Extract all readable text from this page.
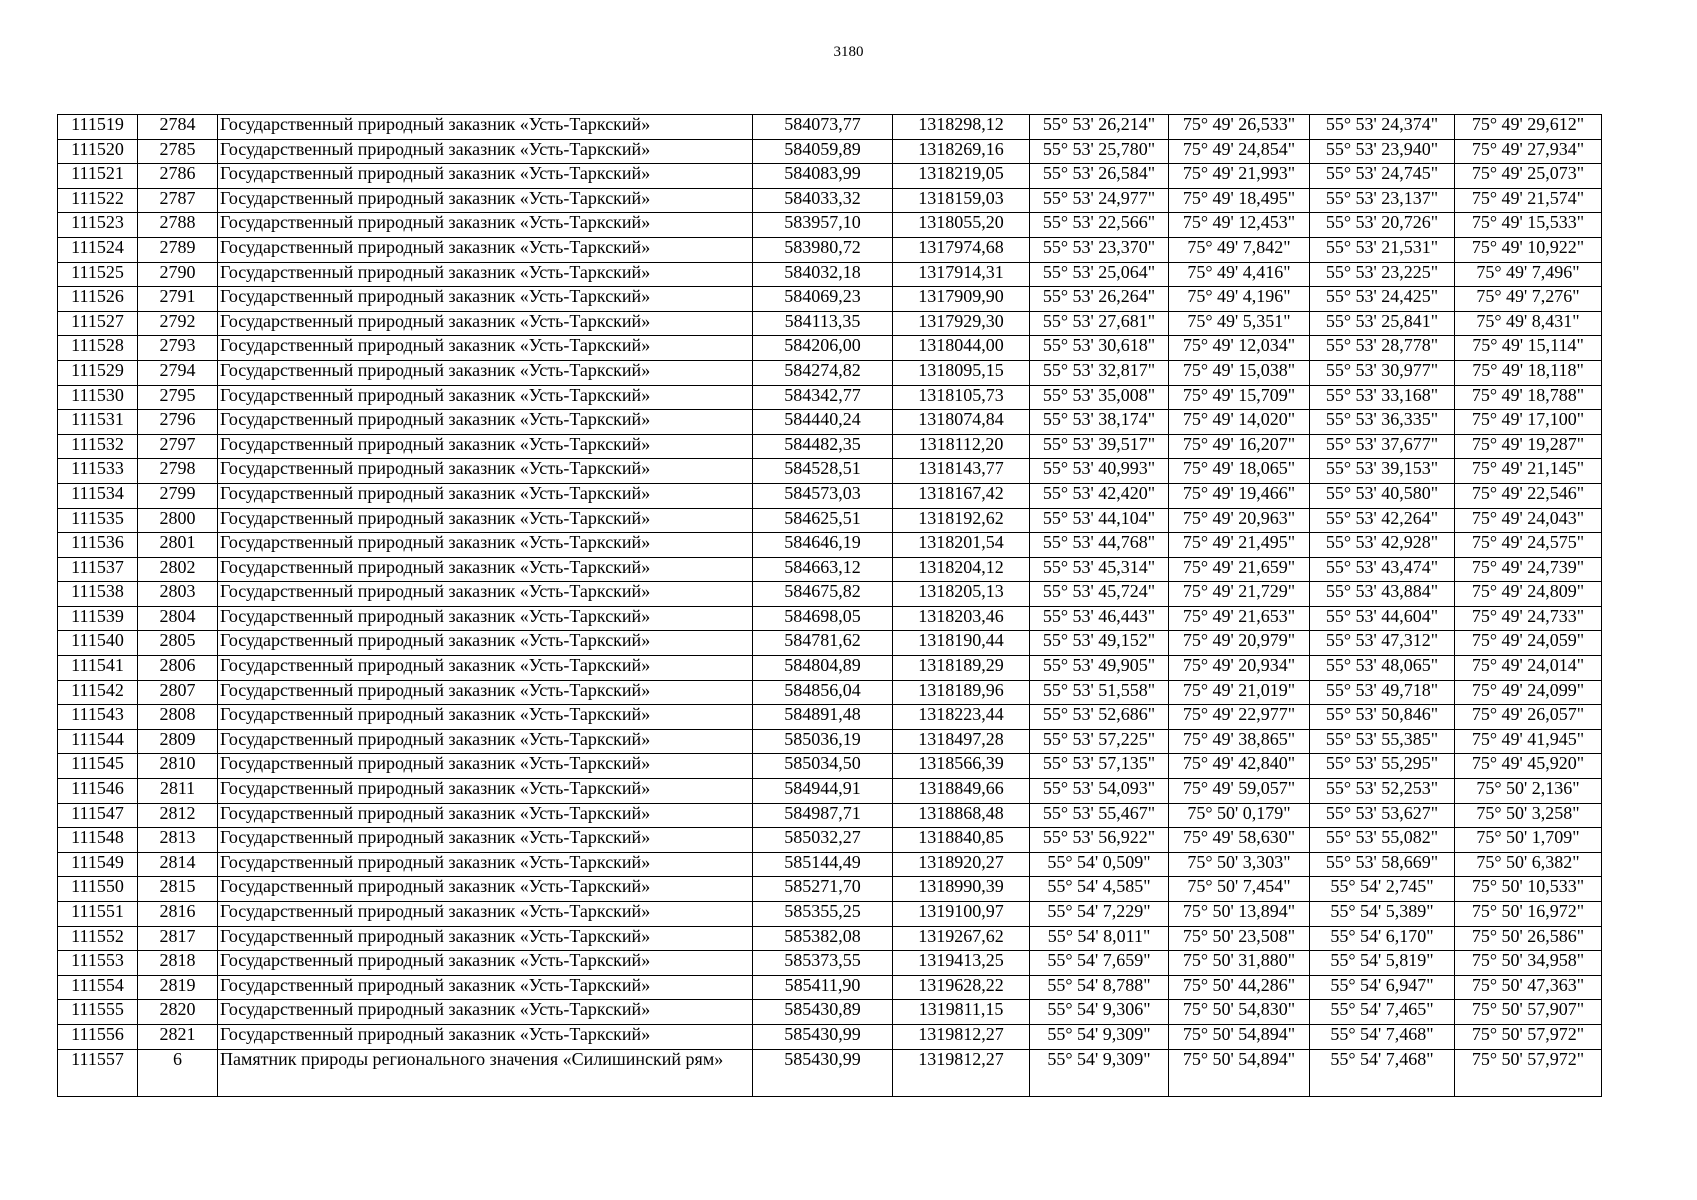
3180
111519	2784	Государственный природный заказник «Усть-Таркский»	584073,77	1318298,12	55° 53' 26,214"	75° 49' 26,533"	55° 53' 24,374"	75° 49' 29,612"
111520	2785	Государственный природный заказник «Усть-Таркский»	584059,89	1318269,16	55° 53' 25,780"	75° 49' 24,854"	55° 53' 23,940"	75° 49' 27,934"
111521	2786	Государственный природный заказник «Усть-Таркский»	584083,99	1318219,05	55° 53' 26,584"	75° 49' 21,993"	55° 53' 24,745"	75° 49' 25,073"
111522	2787	Государственный природный заказник «Усть-Таркский»	584033,32	1318159,03	55° 53' 24,977"	75° 49' 18,495"	55° 53' 23,137"	75° 49' 21,574"
111523	2788	Государственный природный заказник «Усть-Таркский»	583957,10	1318055,20	55° 53' 22,566"	75° 49' 12,453"	55° 53' 20,726"	75° 49' 15,533"
111524	2789	Государственный природный заказник «Усть-Таркский»	583980,72	1317974,68	55° 53' 23,370"	75° 49' 7,842"	55° 53' 21,531"	75° 49' 10,922"
111525	2790	Государственный природный заказник «Усть-Таркский»	584032,18	1317914,31	55° 53' 25,064"	75° 49' 4,416"	55° 53' 23,225"	75° 49' 7,496"
111526	2791	Государственный природный заказник «Усть-Таркский»	584069,23	1317909,90	55° 53' 26,264"	75° 49' 4,196"	55° 53' 24,425"	75° 49' 7,276"
111527	2792	Государственный природный заказник «Усть-Таркский»	584113,35	1317929,30	55° 53' 27,681"	75° 49' 5,351"	55° 53' 25,841"	75° 49' 8,431"
111528	2793	Государственный природный заказник «Усть-Таркский»	584206,00	1318044,00	55° 53' 30,618"	75° 49' 12,034"	55° 53' 28,778"	75° 49' 15,114"
111529	2794	Государственный природный заказник «Усть-Таркский»	584274,82	1318095,15	55° 53' 32,817"	75° 49' 15,038"	55° 53' 30,977"	75° 49' 18,118"
111530	2795	Государственный природный заказник «Усть-Таркский»	584342,77	1318105,73	55° 53' 35,008"	75° 49' 15,709"	55° 53' 33,168"	75° 49' 18,788"
111531	2796	Государственный природный заказник «Усть-Таркский»	584440,24	1318074,84	55° 53' 38,174"	75° 49' 14,020"	55° 53' 36,335"	75° 49' 17,100"
111532	2797	Государственный природный заказник «Усть-Таркский»	584482,35	1318112,20	55° 53' 39,517"	75° 49' 16,207"	55° 53' 37,677"	75° 49' 19,287"
111533	2798	Государственный природный заказник «Усть-Таркский»	584528,51	1318143,77	55° 53' 40,993"	75° 49' 18,065"	55° 53' 39,153"	75° 49' 21,145"
111534	2799	Государственный природный заказник «Усть-Таркский»	584573,03	1318167,42	55° 53' 42,420"	75° 49' 19,466"	55° 53' 40,580"	75° 49' 22,546"
111535	2800	Государственный природный заказник «Усть-Таркский»	584625,51	1318192,62	55° 53' 44,104"	75° 49' 20,963"	55° 53' 42,264"	75° 49' 24,043"
111536	2801	Государственный природный заказник «Усть-Таркский»	584646,19	1318201,54	55° 53' 44,768"	75° 49' 21,495"	55° 53' 42,928"	75° 49' 24,575"
111537	2802	Государственный природный заказник «Усть-Таркский»	584663,12	1318204,12	55° 53' 45,314"	75° 49' 21,659"	55° 53' 43,474"	75° 49' 24,739"
111538	2803	Государственный природный заказник «Усть-Таркский»	584675,82	1318205,13	55° 53' 45,724"	75° 49' 21,729"	55° 53' 43,884"	75° 49' 24,809"
111539	2804	Государственный природный заказник «Усть-Таркский»	584698,05	1318203,46	55° 53' 46,443"	75° 49' 21,653"	55° 53' 44,604"	75° 49' 24,733"
111540	2805	Государственный природный заказник «Усть-Таркский»	584781,62	1318190,44	55° 53' 49,152"	75° 49' 20,979"	55° 53' 47,312"	75° 49' 24,059"
111541	2806	Государственный природный заказник «Усть-Таркский»	584804,89	1318189,29	55° 53' 49,905"	75° 49' 20,934"	55° 53' 48,065"	75° 49' 24,014"
111542	2807	Государственный природный заказник «Усть-Таркский»	584856,04	1318189,96	55° 53' 51,558"	75° 49' 21,019"	55° 53' 49,718"	75° 49' 24,099"
111543	2808	Государственный природный заказник «Усть-Таркский»	584891,48	1318223,44	55° 53' 52,686"	75° 49' 22,977"	55° 53' 50,846"	75° 49' 26,057"
111544	2809	Государственный природный заказник «Усть-Таркский»	585036,19	1318497,28	55° 53' 57,225"	75° 49' 38,865"	55° 53' 55,385"	75° 49' 41,945"
111545	2810	Государственный природный заказник «Усть-Таркский»	585034,50	1318566,39	55° 53' 57,135"	75° 49' 42,840"	55° 53' 55,295"	75° 49' 45,920"
111546	2811	Государственный природный заказник «Усть-Таркский»	584944,91	1318849,66	55° 53' 54,093"	75° 49' 59,057"	55° 53' 52,253"	75° 50' 2,136"
111547	2812	Государственный природный заказник «Усть-Таркский»	584987,71	1318868,48	55° 53' 55,467"	75° 50' 0,179"	55° 53' 53,627"	75° 50' 3,258"
111548	2813	Государственный природный заказник «Усть-Таркский»	585032,27	1318840,85	55° 53' 56,922"	75° 49' 58,630"	55° 53' 55,082"	75° 50' 1,709"
111549	2814	Государственный природный заказник «Усть-Таркский»	585144,49	1318920,27	55° 54' 0,509"	75° 50' 3,303"	55° 53' 58,669"	75° 50' 6,382"
111550	2815	Государственный природный заказник «Усть-Таркский»	585271,70	1318990,39	55° 54' 4,585"	75° 50' 7,454"	55° 54' 2,745"	75° 50' 10,533"
111551	2816	Государственный природный заказник «Усть-Таркский»	585355,25	1319100,97	55° 54' 7,229"	75° 50' 13,894"	55° 54' 5,389"	75° 50' 16,972"
111552	2817	Государственный природный заказник «Усть-Таркский»	585382,08	1319267,62	55° 54' 8,011"	75° 50' 23,508"	55° 54' 6,170"	75° 50' 26,586"
111553	2818	Государственный природный заказник «Усть-Таркский»	585373,55	1319413,25	55° 54' 7,659"	75° 50' 31,880"	55° 54' 5,819"	75° 50' 34,958"
111554	2819	Государственный природный заказник «Усть-Таркский»	585411,90	1319628,22	55° 54' 8,788"	75° 50' 44,286"	55° 54' 6,947"	75° 50' 47,363"
111555	2820	Государственный природный заказник «Усть-Таркский»	585430,89	1319811,15	55° 54' 9,306"	75° 50' 54,830"	55° 54' 7,465"	75° 50' 57,907"
111556	2821	Государственный природный заказник «Усть-Таркский»	585430,99	1319812,27	55° 54' 9,309"	75° 50' 54,894"	55° 54' 7,468"	75° 50' 57,972"
111557	6	Памятник природы регионального значения «Силишинский рям»	585430,99	1319812,27	55° 54' 9,309"	75° 50' 54,894"	55° 54' 7,468"	75° 50' 57,972"
